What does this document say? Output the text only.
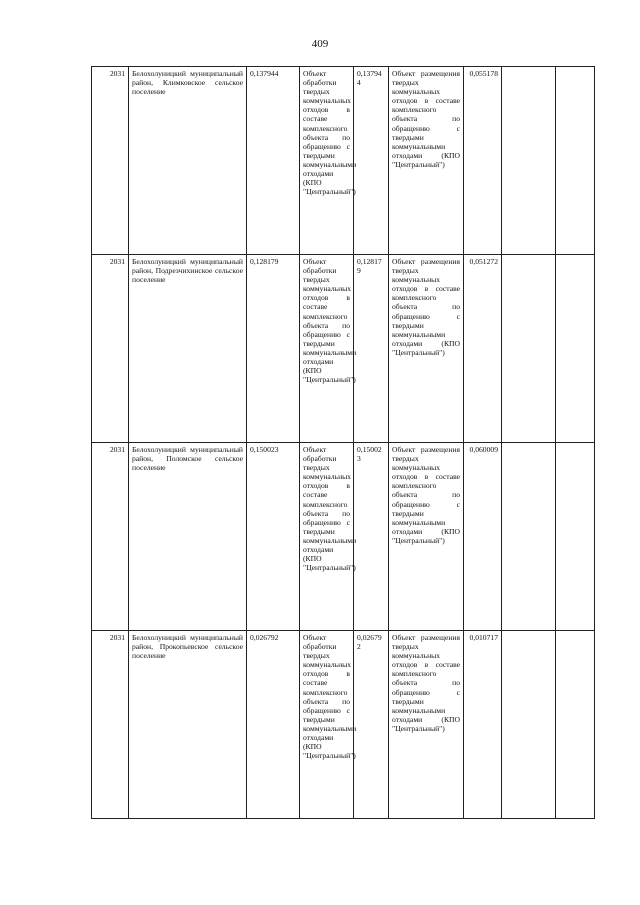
409
2031	Белохолуницкий муниципальный район, Климковское сельское поселение	0,137944	Объект обработки твердых коммунальных отходов в составе комплексного объекта по обращению с твердыми коммунальными отходами (КПО "Центральный")	0,137944	Объект размещения твердых коммунальных отходов в составе комплексного объекта по обращению с твердыми коммунальными отходами (КПО "Центральный")	0,055178		
2031	Белохолуницкий муниципальный район, Подрезчихинское сельское поселение	0,128179	Объект обработки твердых коммунальных отходов в составе комплексного объекта по обращению с твердыми коммунальными отходами (КПО "Центральный")	0,128179	Объект размещения твердых коммунальных отходов в составе комплексного объекта по обращению с твердыми коммунальными отходами (КПО "Центральный")	0,051272		
2031	Белохолуницкий муниципальный район, Поломское сельское поселение	0,150023	Объект обработки твердых коммунальных отходов в составе комплексного объекта по обращению с твердыми коммунальными отходами (КПО "Центральный")	0,150023	Объект размещения твердых коммунальных отходов в составе комплексного объекта по обращению с твердыми коммунальными отходами (КПО "Центральный")	0,060009		
2031	Белохолуницкий муниципальный район, Прокопьевское сельское поселение	0,026792	Объект обработки твердых коммунальных отходов в составе комплексного объекта по обращению с твердыми коммунальными отходами (КПО "Центральный")	0,026792	Объект размещения твердых коммунальных отходов в составе комплексного объекта по обращению с твердыми коммунальными отходами (КПО "Центральный")	0,010717		
